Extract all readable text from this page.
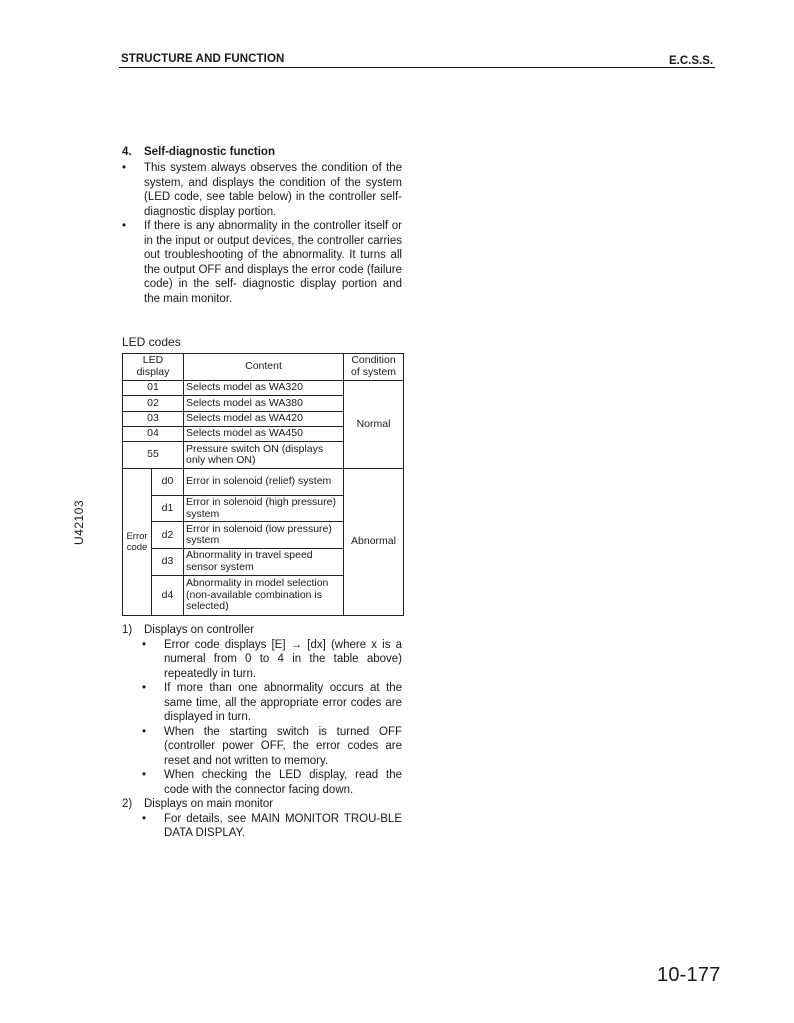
STRUCTURE AND FUNCTION	E.C.S.S.
4. Self-diagnostic function
•	This system always observes the condition of the system, and displays the condition of the system (LED code, see table below) in the controller self-diagnostic display portion.
•	If there is any abnormality in the controller itself or in the input or output devices, the controller carries out troubleshooting of the abnormality. It turns all the output OFF and displays the error code (failure code) in the self- diagnostic display portion and the main monitor.
LED codes
LED display		Content	Condition of system
01		Selects model as WA320	Normal
02		Selects model as WA380	
03		Selects model as WA420	
04		Selects model as WA450	
55		Pressure switch ON (displays only when ON)	
Error code	d0	Error in solenoid (relief) system	Abnormal
	d1	Error in solenoid (high pressure) system	
	d2	Error in solenoid (low pressure) system	
	d3	Abnormality in travel speed sensor system	
	d4	Abnormality in model selection (non-available combination is selected)	
1)	Displays on controller
•	Error code displays [E] → [dx] (where x is a numeral from 0 to 4 in the table above) repeatedly in turn.
•	If more than one abnormality occurs at the same time, all the appropriate error codes are displayed in turn.
•	When the starting switch is turned OFF (controller power OFF, the error codes are reset and not written to memory.
•	When checking the LED display, read the code with the connector facing down.
2)	Displays on main monitor
•	For details, see MAIN MONITOR TROU-BLE DATA DISPLAY.
U42103
10-177
